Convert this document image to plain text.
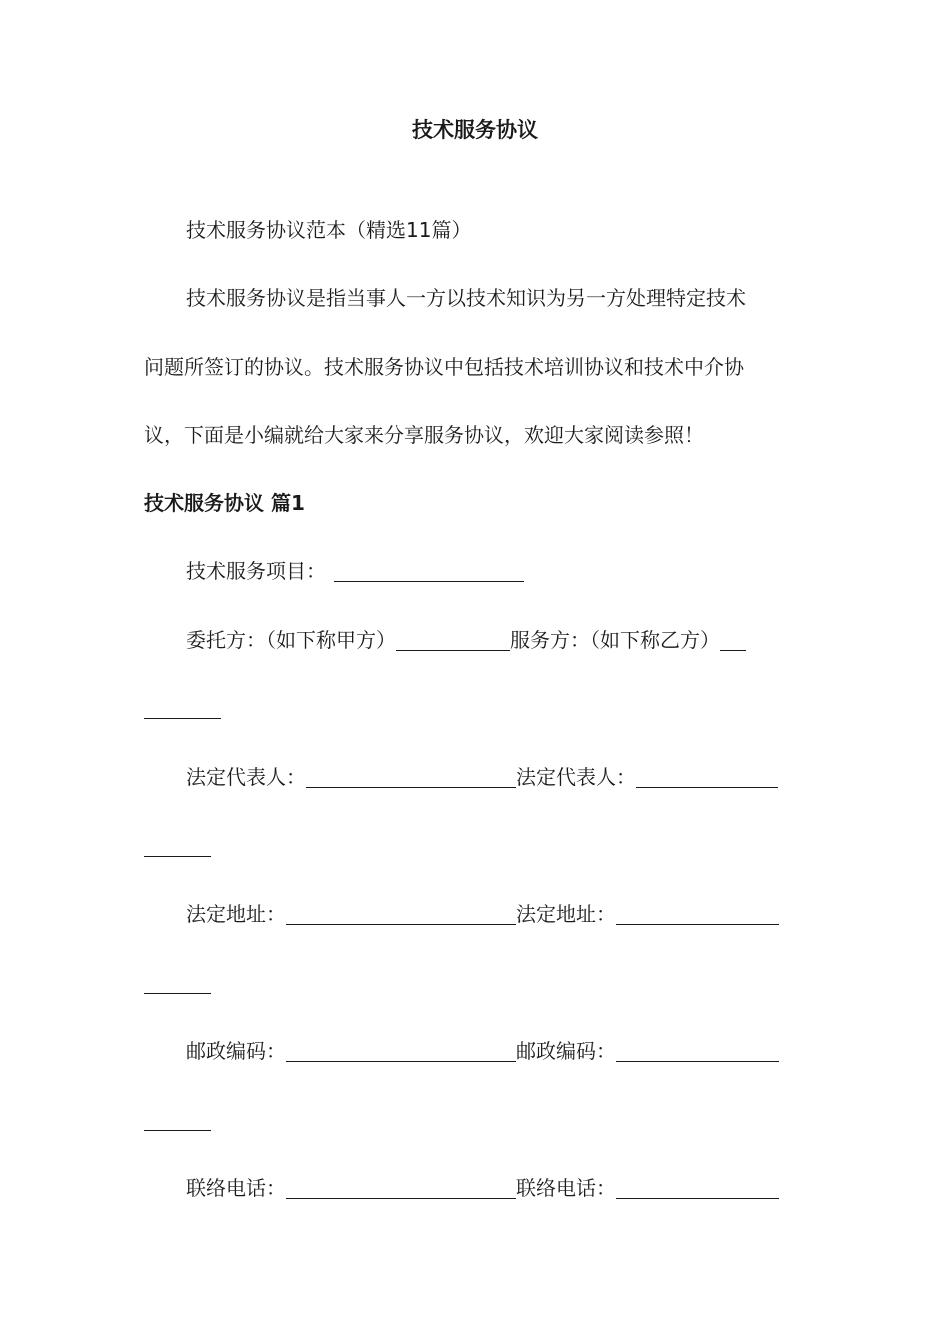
技术服务协议
技术服务协议范本（精选11篇）
技术服务协议是指当事人一方以技术知识为另一方处理特定技术
问题所签订的协议。技术服务协议中包括技术培训协议和技术中介协
议，下面是小编就给大家来分享服务协议，欢迎大家阅读参照！
技术服务协议 篇1
技术服务项目：
委托方：（如下称甲方）	服务方：（如下称乙方）
法定代表人：	法定代表人：
法定地址：	法定地址：
邮政编码：	邮政编码：
联络电话：	联络电话：
